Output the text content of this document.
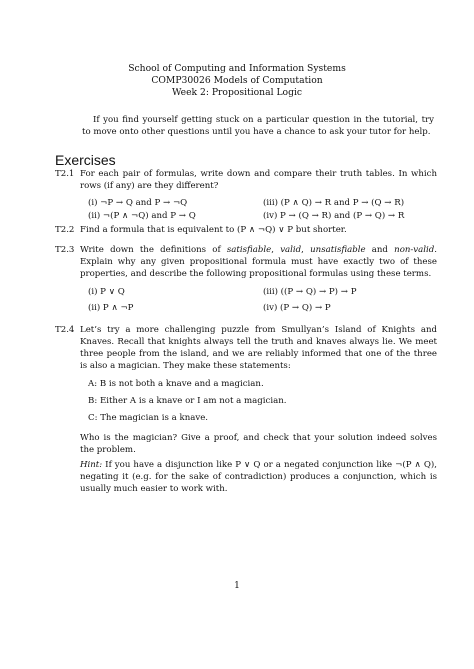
School of Computing and Information Systems
COMP30026 Models of Computation
Week 2: Propositional Logic
If you find yourself getting stuck on a particular question in the tutorial, try to move onto other questions until you have a chance to ask your tutor for help.
Exercises
T2.1 For each pair of formulas, write down and compare their truth tables. In which rows (if any) are they different?
(i) ¬P → Q and P → ¬Q	(iii) (P ∧ Q) → R and P → (Q → R)
(ii) ¬(P ∧ ¬Q) and P → Q	(iv) P → (Q → R) and (P → Q) → R
T2.2 Find a formula that is equivalent to (P ∧ ¬Q) ∨ P but shorter.
T2.3 Write down the definitions of satisfiable, valid, unsatisfiable and non-valid. Explain why any given propositional formula must have exactly two of these properties, and describe the following propositional formulas using these terms.
(i) P ∨ Q	(iii) ((P → Q) → P) → P
(ii) P ∧ ¬P	(iv) (P → Q) → P
T2.4 Let’s try a more challenging puzzle from Smullyan’s Island of Knights and Knaves. Recall that knights always tell the truth and knaves always lie. We meet three people from the island, and we are reliably informed that one of the three is also a magician. They make these statements:
A: B is not both a knave and a magician.
B: Either A is a knave or I am not a magician.
C: The magician is a knave.
Who is the magician? Give a proof, and check that your solution indeed solves the problem.
Hint: If you have a disjunction like P ∨ Q or a negated conjunction like ¬(P ∧ Q), negating it (e.g. for the sake of contradiction) produces a conjunction, which is usually much easier to work with.
1
